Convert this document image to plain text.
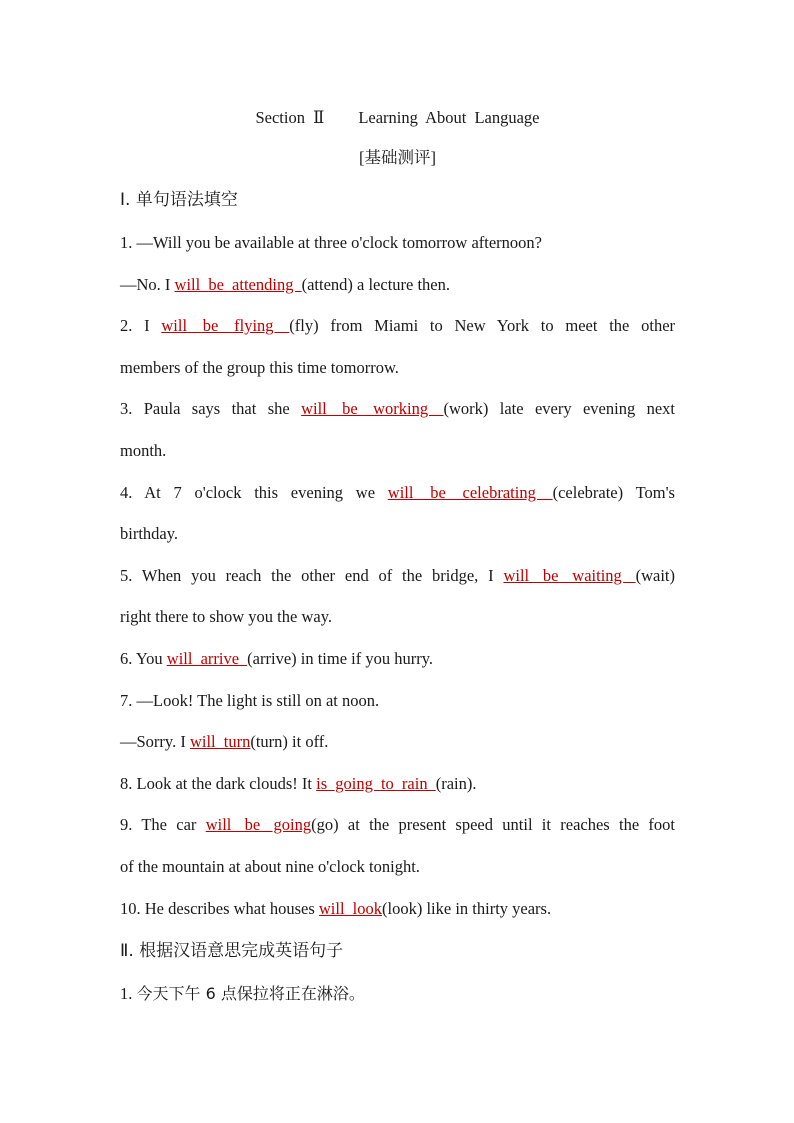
Section Ⅱ Learning About Language
[基础测评]
Ⅰ. 单句语法填空
1. —Will you be available at three o'clock tomorrow afternoon?
—No. I will be attending (attend) a lecture then.
2. I will be flying (fly) from Miami to New York to meet the other
members of the group this time tomorrow.
3. Paula says that she will be working (work) late every evening next
month.
4. At 7 o'clock this evening we will be celebrating (celebrate) Tom's
birthday.
5. When you reach the other end of the bridge, I will be waiting (wait)
right there to show you the way.
6. You will arrive (arrive) in time if you hurry.
7. —Look! The light is still on at noon.
—Sorry. I will turn(turn) it off.
8. Look at the dark clouds! It is going to rain (rain).
9. The car will be going(go) at the present speed until it reaches the foot
of the mountain at about nine o'clock tonight.
10. He describes what houses will look(look) like in thirty years.
Ⅱ. 根据汉语意思完成英语句子
1. 今天下午 6 点保拉将正在淋浴。
